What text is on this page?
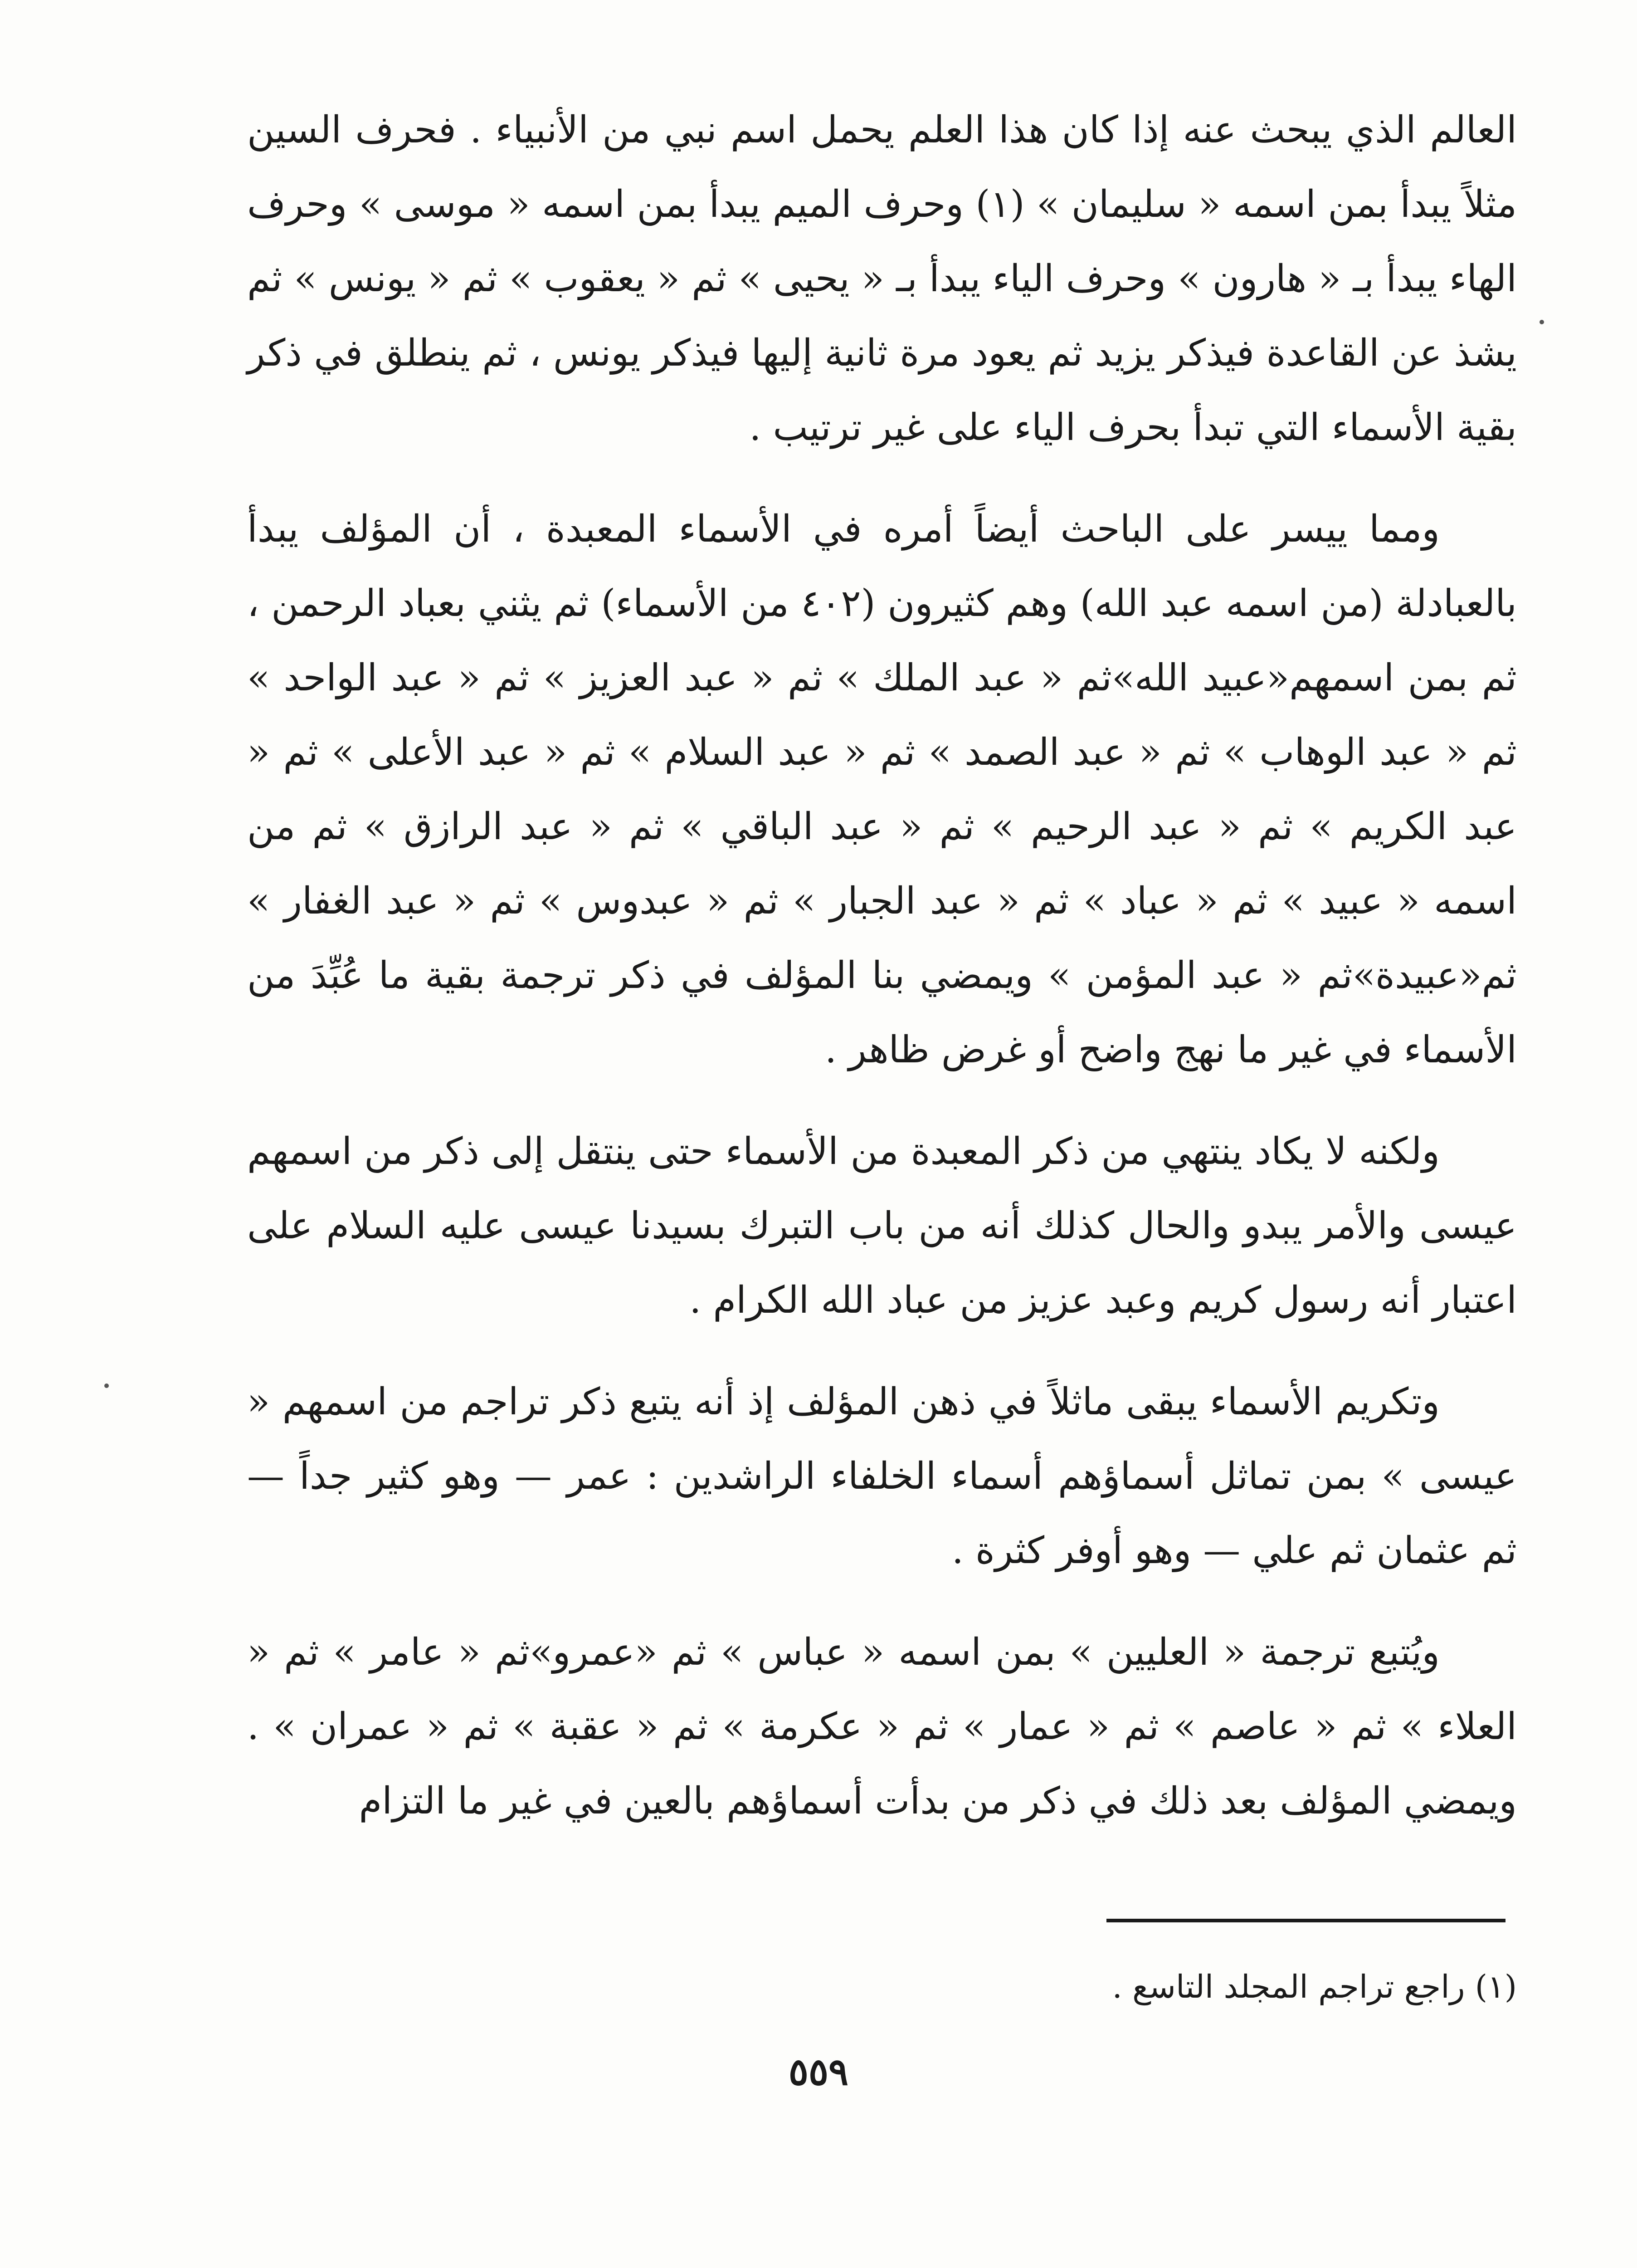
العالم الذي يبحث عنه إذا كان هذا العلم يحمل اسم نبي من الأنبياء . فحرف السين مثلاً يبدأ بمن اسمه « سليمان » (١) وحرف الميم يبدأ بمن اسمه « موسى » وحرف الهاء يبدأ بـ « هارون » وحرف الياء يبدأ بـ « يحيى » ثم « يعقوب » ثم « يونس » ثم يشذ عن القاعدة فيذكر يزيد ثم يعود مرة ثانية إليها فيذكر يونس ، ثم ينطلق في ذكر بقية الأسماء التي تبدأ بحرف الياء على غير ترتيب .

ومما ييسر على الباحث أيضاً أمره في الأسماء المعبدة ، أن المؤلف يبدأ بالعبادلة (من اسمه عبد الله) وهم كثيرون (٤٠٢ من الأسماء) ثم يثني بعباد الرحمن ، ثم بمن اسمهم«عبيد الله»ثم « عبد الملك » ثم « عبد العزيز » ثم « عبد الواحد » ثم « عبد الوهاب » ثم « عبد الصمد » ثم « عبد السلام » ثم « عبد الأعلى » ثم « عبد الكريم » ثم « عبد الرحيم » ثم « عبد الباقي » ثم « عبد الرازق » ثم من اسمه « عبيد » ثم « عباد » ثم « عبد الجبار » ثم « عبدوس » ثم « عبد الغفار » ثم«عبيدة»ثم « عبد المؤمن » ويمضي بنا المؤلف في ذكر ترجمة بقية ما عُبِّدَ من الأسماء في غير ما نهج واضح أو غرض ظاهر .

ولكنه لا يكاد ينتهي من ذكر المعبدة من الأسماء حتى ينتقل إلى ذكر من اسمهم عيسى والأمر يبدو والحال كذلك أنه من باب التبرك بسيدنا عيسى عليه السلام على اعتبار أنه رسول كريم وعبد عزيز من عباد الله الكرام .

وتكريم الأسماء يبقى ماثلاً في ذهن المؤلف إذ أنه يتبع ذكر تراجم من اسمهم « عيسى » بمن تماثل أسماؤهم أسماء الخلفاء الراشدين : عمر — وهو كثير جداً — ثم عثمان ثم علي — وهو أوفر كثرة .

ويُتبع ترجمة « العليين » بمن اسمه « عباس » ثم «عمرو»ثم « عامر » ثم « العلاء » ثم « عاصم » ثم « عمار » ثم « عكرمة » ثم « عقبة » ثم « عمران » . ويمضي المؤلف بعد ذلك في ذكر من بدأت أسماؤهم بالعين في غير ما التزام

(١) راجع تراجم المجلد التاسع .
٥٥٩
